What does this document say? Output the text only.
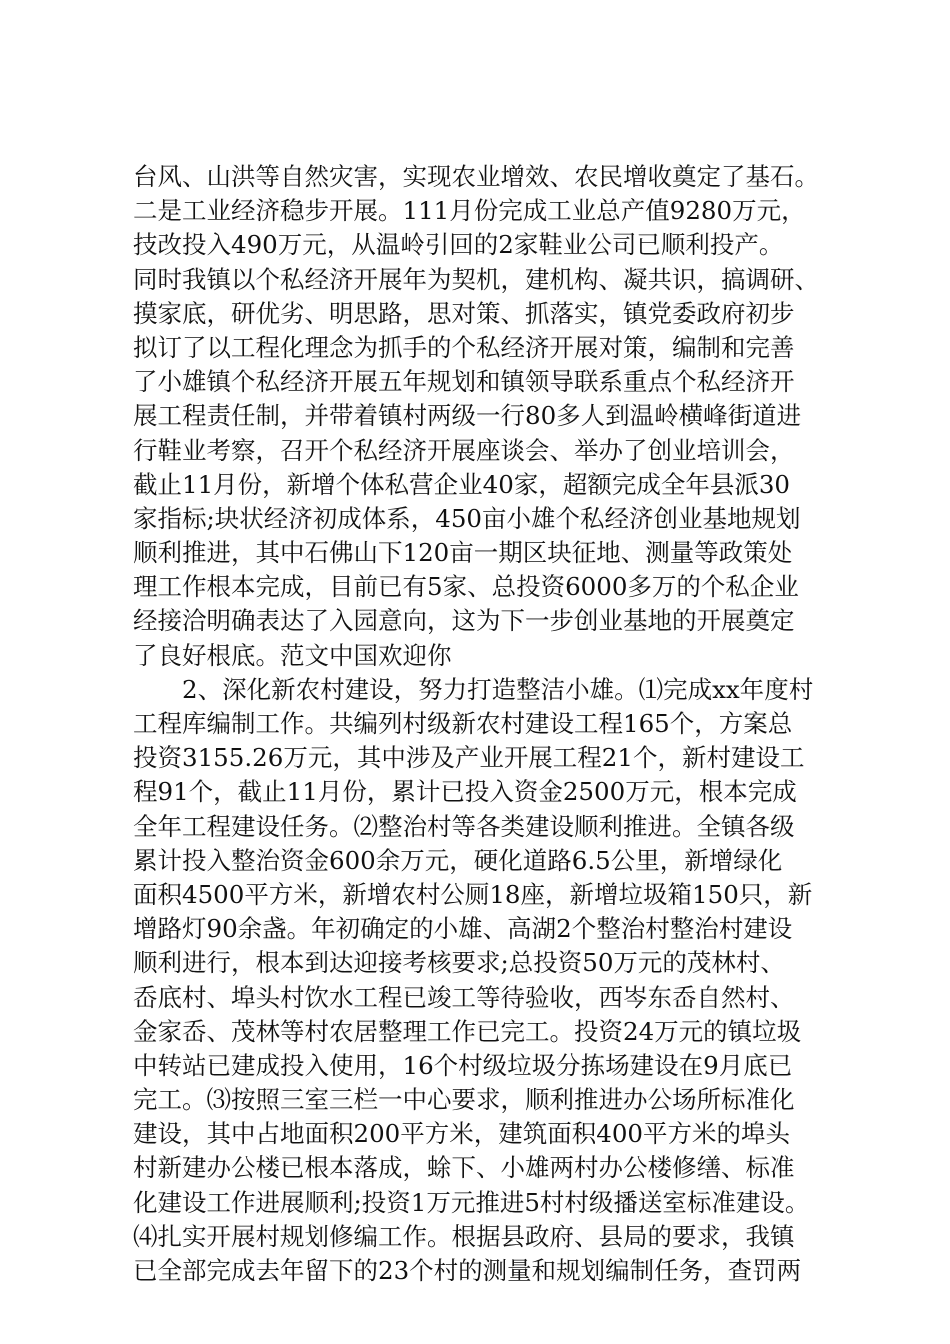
台风、山洪等自然灾害，实现农业增效、农民增收奠定了基石。
二是工业经济稳步开展。111月份完成工业总产值9280万元，
技改投入490万元，从温岭引回的2家鞋业公司已顺利投产。
同时我镇以个私经济开展年为契机，建机构、凝共识，搞调研、
摸家底，研优劣、明思路，思对策、抓落实，镇党委政府初步
拟订了以工程化理念为抓手的个私经济开展对策，编制和完善
了小雄镇个私经济开展五年规划和镇领导联系重点个私经济开
展工程责任制，并带着镇村两级一行80多人到温岭横峰街道进
行鞋业考察，召开个私经济开展座谈会、举办了创业培训会，
截止11月份，新增个体私营企业40家，超额完成全年县派30
家指标;块状经济初成体系，450亩小雄个私经济创业基地规划
顺利推进，其中石佛山下120亩一期区块征地、测量等政策处
理工作根本完成，目前已有5家、总投资6000多万的个私企业
经接洽明确表达了入园意向，这为下一步创业基地的开展奠定
了良好根底。范文中国欢迎你
2、深化新农村建设，努力打造整洁小雄。⑴完成xx年度村
工程库编制工作。共编列村级新农村建设工程165个，方案总
投资3155.26万元，其中涉及产业开展工程21个，新村建设工
程91个，截止11月份，累计已投入资金2500万元，根本完成
全年工程建设任务。⑵整治村等各类建设顺利推进。全镇各级
累计投入整治资金600余万元，硬化道路6.5公里，新增绿化
面积4500平方米，新增农村公厕18座，新增垃圾箱150只，新
增路灯90余盏。年初确定的小雄、高湖2个整治村整治村建设
顺利进行，根本到达迎接考核要求;总投资50万元的茂林村、
岙底村、埠头村饮水工程已竣工等待验收，西岑东岙自然村、
金家岙、茂林等村农居整理工作已完工。投资24万元的镇垃圾
中转站已建成投入使用，16个村级垃圾分拣场建设在9月底已
完工。⑶按照三室三栏一中心要求，顺利推进办公场所标准化
建设，其中占地面积200平方米，建筑面积400平方米的埠头
村新建办公楼已根本落成，蜍下、小雄两村办公楼修缮、标准
化建设工作进展顺利;投资1万元推进5村村级播送室标准建设。
⑷扎实开展村规划修编工作。根据县政府、县局的要求，我镇
已全部完成去年留下的23个村的测量和规划编制任务，查罚两
